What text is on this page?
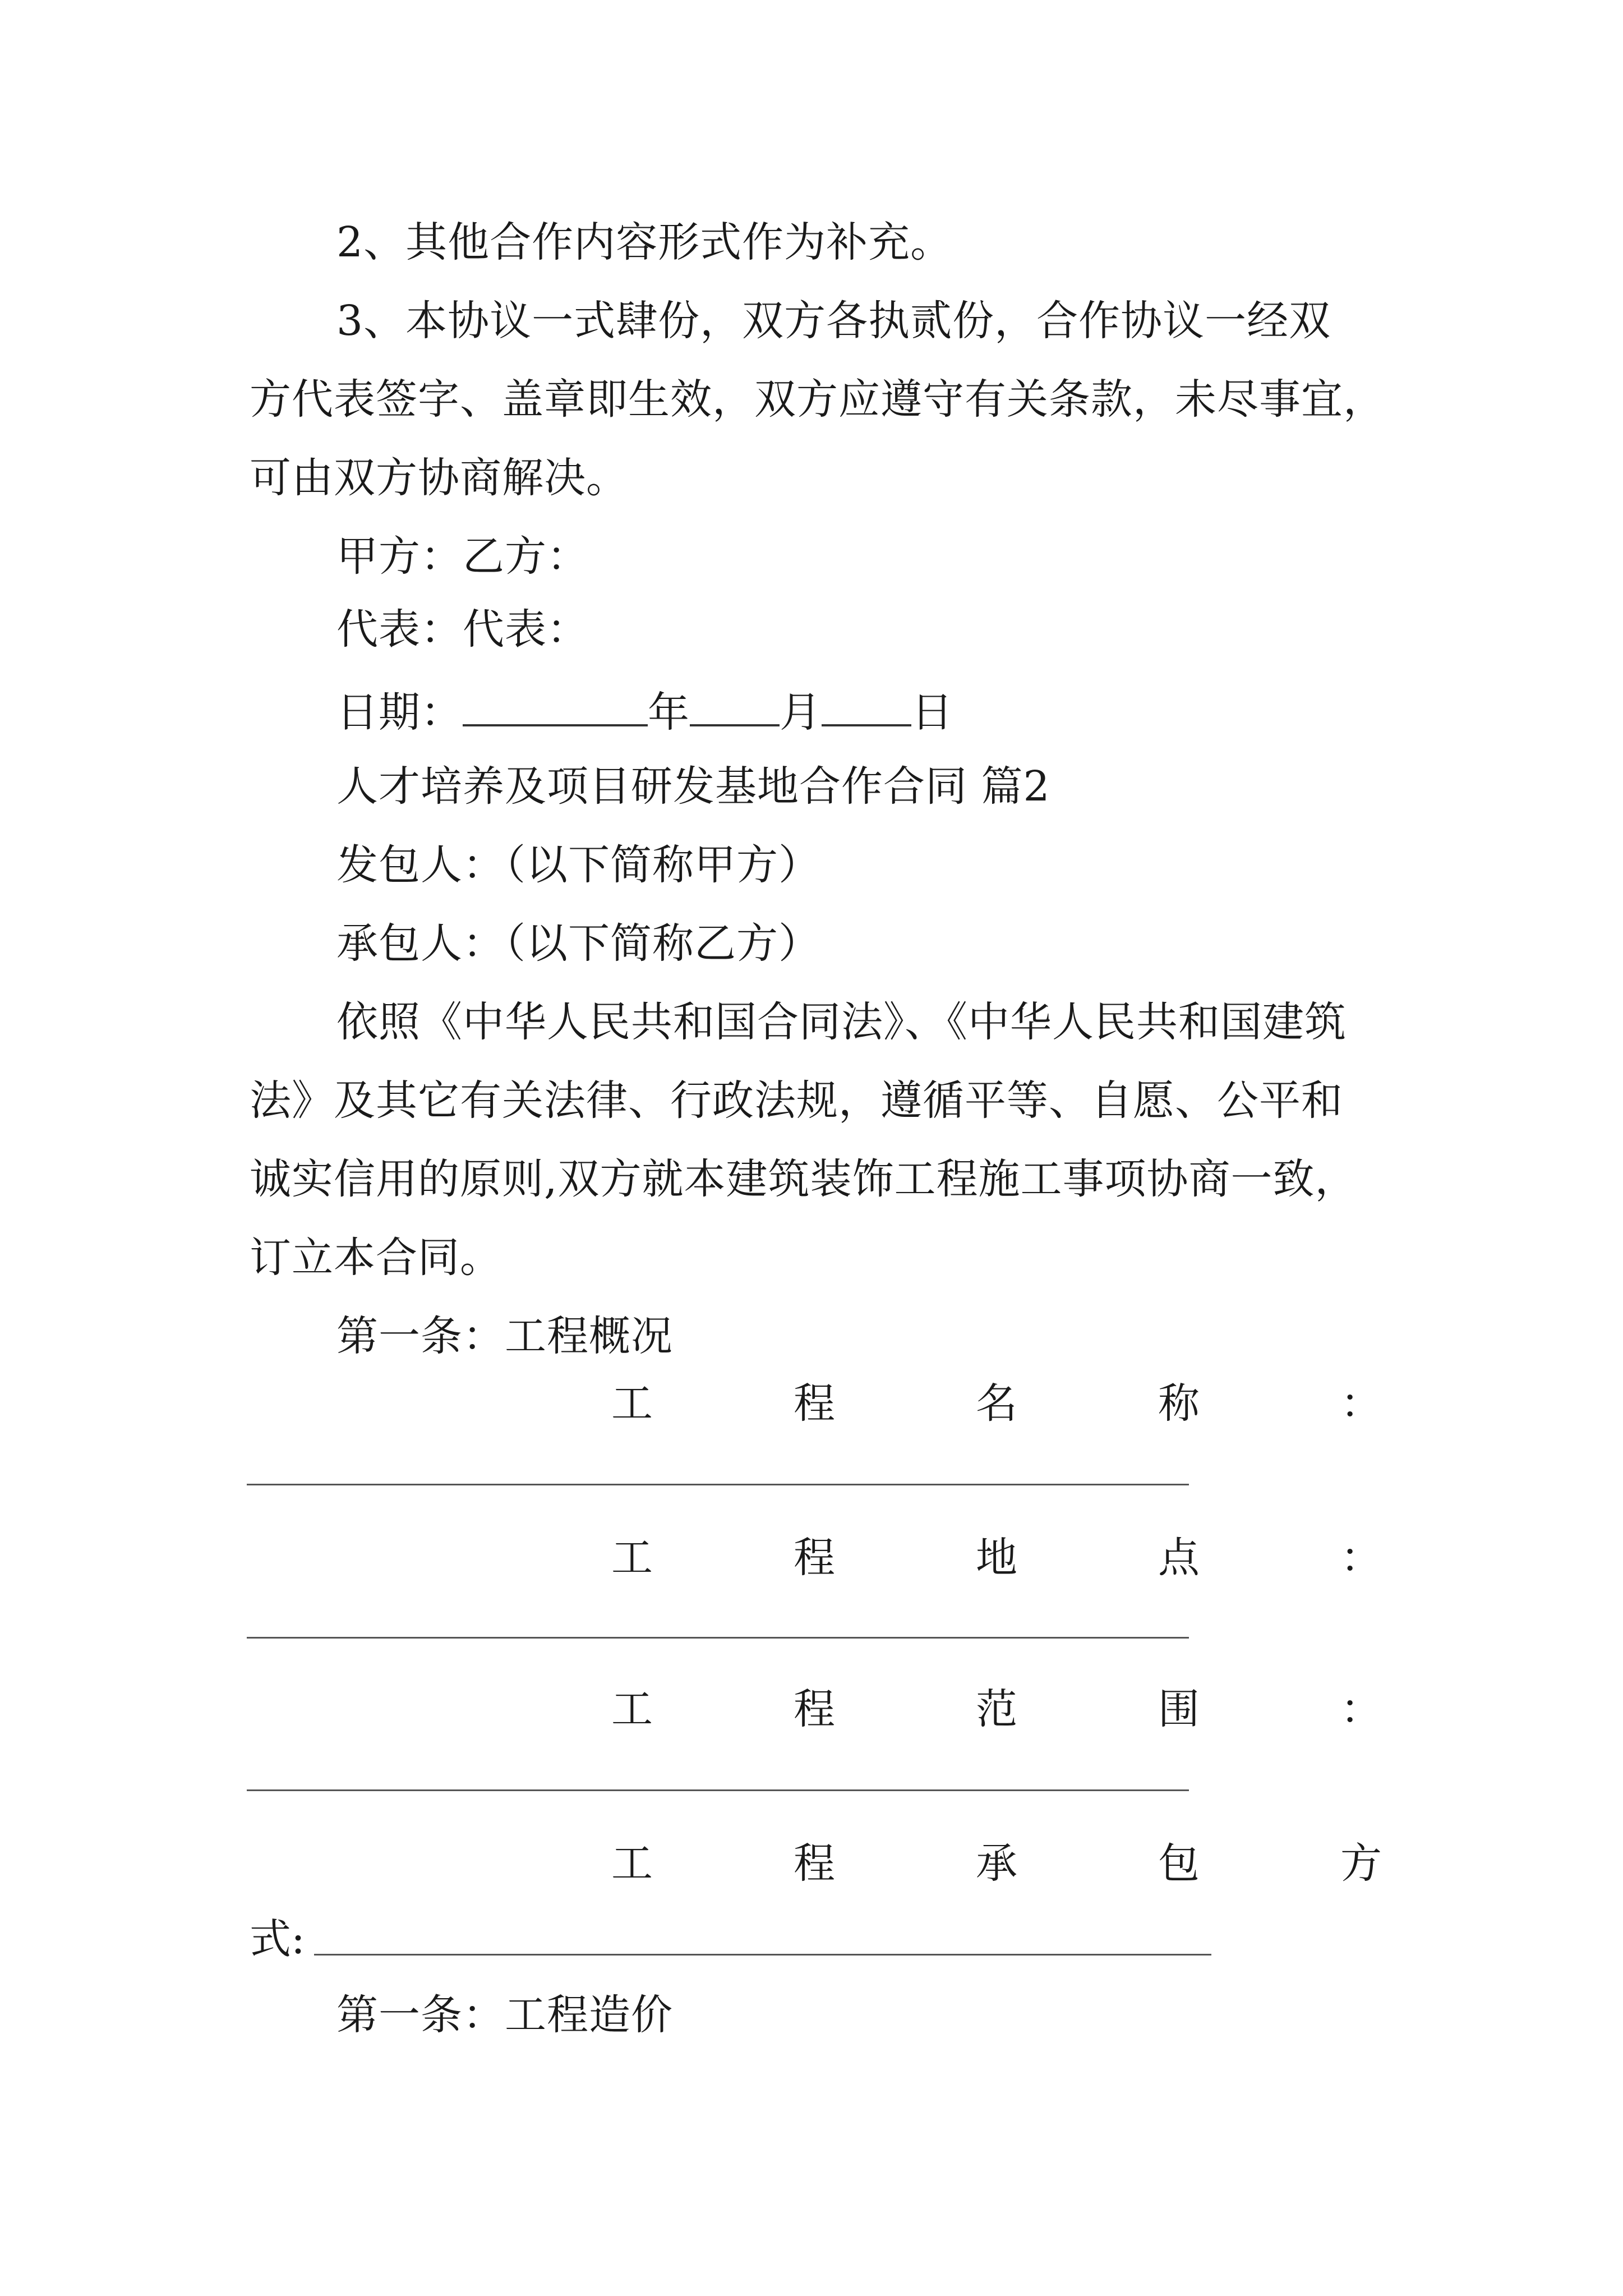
2、其他合作内容形式作为补充。
3、本协议一式肆份，双方各执贰份，合作协议一经双
方代表签字、盖章即生效，双方应遵守有关条款，未尽事宜，
可由双方协商解决。
甲方：乙方：
代表：代表：
日期：	年 月 日
人才培养及项目研发基地合作合同 篇2
发包人：（以下简称甲方）
承包人：（以下简称乙方）
依照《中华人民共和国合同法》、《中华人民共和国建筑
法》及其它有关法律、行政法规，遵循平等、自愿、公平和
诚实信用的原则,双方就本建筑装饰工程施工事项协商一致，
订立本合同。
第一条：工程概况
工	程	名	称	：
工	程	地	点	：
工	程	范	围	：
工	程	承	包	方
式:
第一条：工程造价
